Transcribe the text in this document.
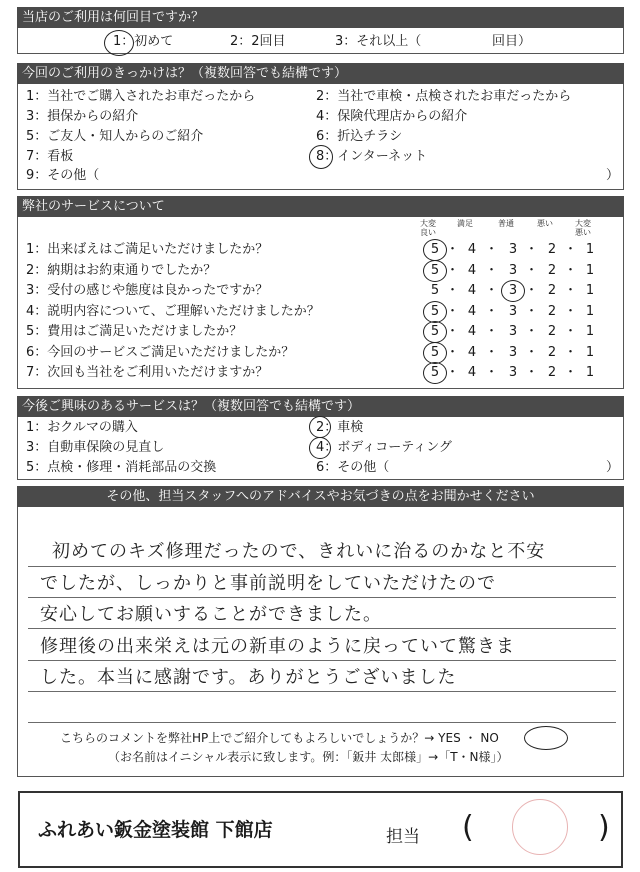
当店のご利用は何回目ですか？
1：初めて	2：2回目	3：それ以上（	回目）
今回のご利用のきっかけは？（複数回答でも結構です）
1：当社でご購入されたお車だったから
3：損保からの紹介
5：ご友人・知人からのご紹介
7：看板
9：その他（
2：当社で車検・点検されたお車だったから
4：保険代理店からの紹介
6：折込チラシ
8：インターネット
）
弊社のサービスについて
大変良い
満足	普通	悪い	大変悪い
1：出来ばえはご満足いただけましたか？	5 ・ 4 ・ 3 ・ 2 ・ 1
2：納期はお約束通りでしたか？	5 ・ 4 ・ 3 ・ 2 ・ 1
3：受付の感じや態度は良かったですか？	5 ・ 4 ・ 3 ・ 2 ・ 1
4：説明内容について、ご理解いただけましたか？	5 ・ 4 ・ 3 ・ 2 ・ 1
5：費用はご満足いただけましたか？	5 ・ 4 ・ 3 ・ 2 ・ 1
6：今回のサービスご満足いただけましたか？	5 ・ 4 ・ 3 ・ 2 ・ 1
7：次回も当社をご利用いただけますか？	5 ・ 4 ・ 3 ・ 2 ・ 1
今後ご興味のあるサービスは？（複数回答でも結構です）
1：おクルマの購入
3：自動車保険の見直し
5：点検・修理・消耗部品の交換
2：車検
4：ボディコーティング
6：その他（	）
その他、担当スタッフへのアドバイスやお気づきの点をお聞かせください
初めてのキズ修理だったので、きれいに治るのかなと不安
でしたが、しっかりと事前説明をしていただけたので
安心してお願いすることができました。
修理後の出来栄えは元の新車のように戻っていて驚きま
した。本当に感謝です。ありがとうございました
こちらのコメントを弊社HP上でご紹介してもよろしいでしょうか？→ YES ・ NO
（お名前はイニシャル表示に致します。例：「鈑井 太郎様」→「T・N様」）
ふれあい鈑金塗装館 下館店	担当 (	)
